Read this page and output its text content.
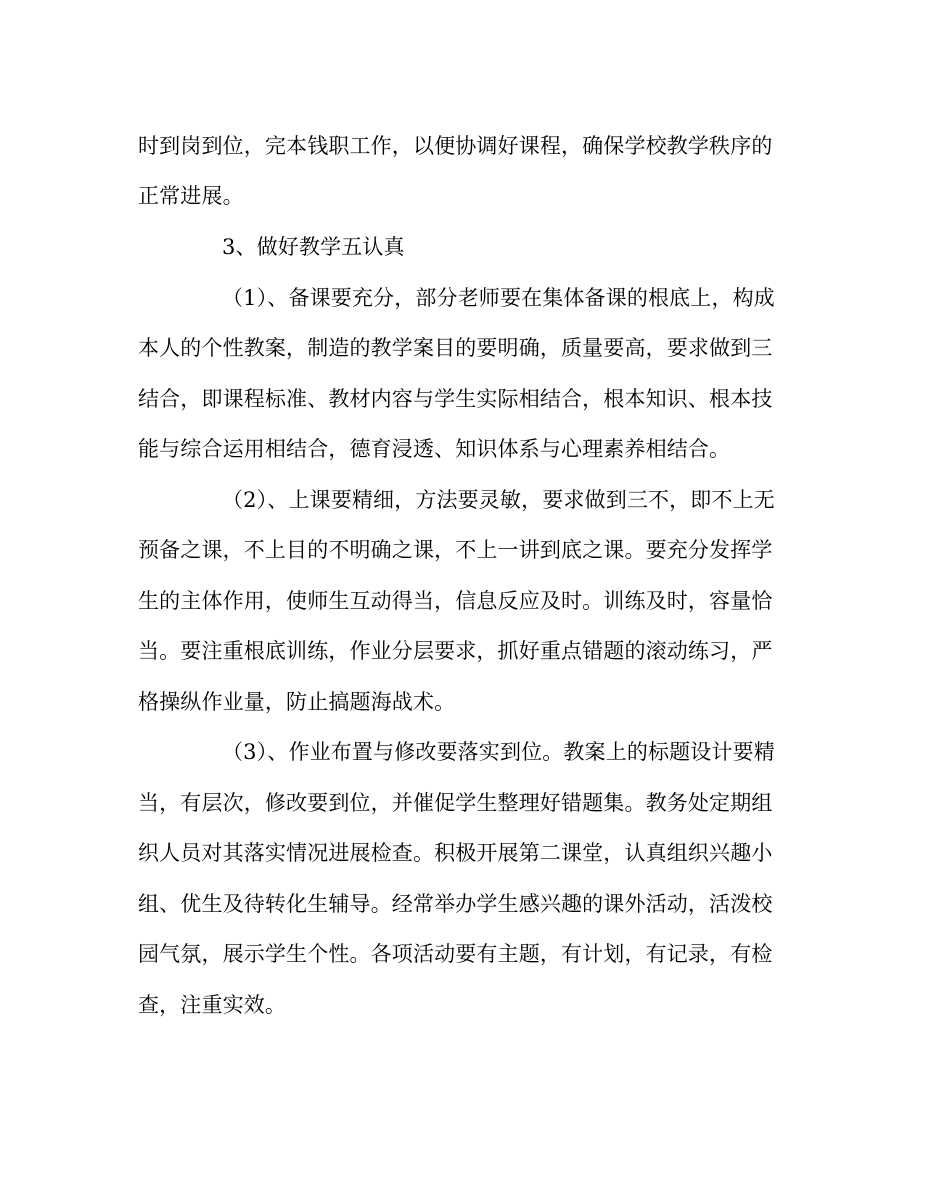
时到岗到位，完本钱职工作，以便协调好课程，确保学校教学秩序的
正常进展。
3、做好教学五认真
（1）、备课要充分，部分老师要在集体备课的根底上，构成
本人的个性教案，制造的教学案目的要明确，质量要高，要求做到三
结合，即课程标准、教材内容与学生实际相结合，根本知识、根本技
能与综合运用相结合，德育浸透、知识体系与心理素养相结合。
（2）、上课要精细，方法要灵敏，要求做到三不，即不上无
预备之课，不上目的不明确之课，不上一讲到底之课。要充分发挥学
生的主体作用，使师生互动得当，信息反应及时。训练及时，容量恰
当。要注重根底训练，作业分层要求，抓好重点错题的滚动练习，严
格操纵作业量，防止搞题海战术。
（3）、作业布置与修改要落实到位。教案上的标题设计要精
当，有层次，修改要到位，并催促学生整理好错题集。教务处定期组
织人员对其落实情况进展检查。积极开展第二课堂，认真组织兴趣小
组、优生及待转化生辅导。经常举办学生感兴趣的课外活动，活泼校
园气氛，展示学生个性。各项活动要有主题，有计划，有记录，有检
查，注重实效。
